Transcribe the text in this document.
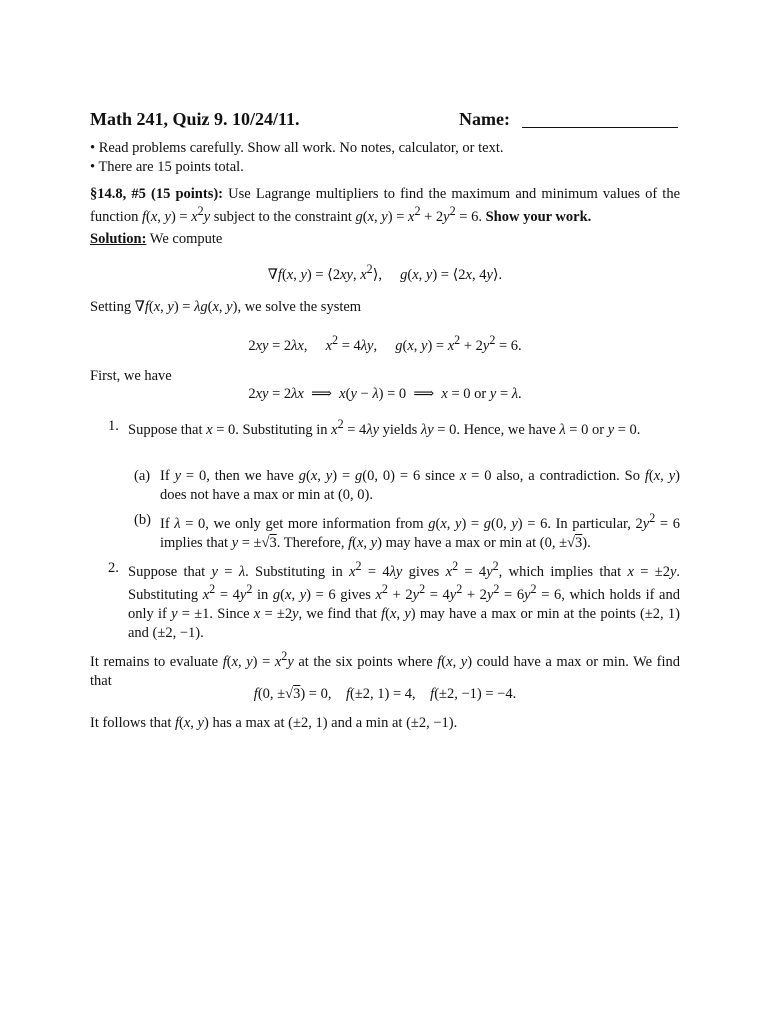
Math 241, Quiz 9. 10/24/11.	Name:
• Read problems carefully. Show all work. No notes, calculator, or text.
• There are 15 points total.
§14.8, #5 (15 points): Use Lagrange multipliers to find the maximum and minimum values of the function f(x, $y) = x^2y$ subject to the constraint g(x, $y) = x^2 + 2y^2 = 6$. Show your work.
Solution: We compute
∇f(x, y) = ⟨2xy, $x^2⟩$,     g(x, y) = ⟨2x, 4y⟩.
Setting ∇f(x, y) = λg(x, y), we solve the system
2xy = 2λx,     $x^2 = 4\lambda y$,     g(x, $y) = x^2 + 2y^2 = 6$.
First, we have
2xy = 2λx  ⟹  x(y − λ) = 0  ⟹  x = 0 or y = λ.
1. Suppose that x = 0. Substituting in $x^2 = 4\lambda y$ yields λy = 0. Hence, we have λ = 0 or y = 0.
(a) If y = 0, then we have g(x, y) = g(0, 0) = 6 since x = 0 also, a contradiction. So f(x, y) does not have a max or min at (0, 0).
(b) If λ = 0, we only get more information from g(x, y) = g(0, y) = 6. In particular, $2y^2 = 6$ implies that y = ±√3. Therefore, f(x, y) may have a max or min at (0, ±√3).
2. Suppose that y = λ. Substituting in $x^2 = 4\lambda y$ gives $x^2 = 4y^2$, which implies that x = ±2y. Substituting $x^2 = 4y^2$ in g(x, y) = 6 gives $x^2 + 2y^2 = 4y^2 + 2y^2 = 6y^2 = 6$, which holds if and only if y = ±1. Since x = ±2y, we find that f(x, y) may have a max or min at the points (±2, 1) and (±2, −1).
It remains to evaluate f(x, $y) = x^2y$ at the six points where f(x, y) could have a max or min. We find that
f(0, ±√3) = 0,    f(±2, 1) = 4,    f(±2, −1) = −4.
It follows that f(x, y) has a max at (±2, 1) and a min at (±2, −1).
